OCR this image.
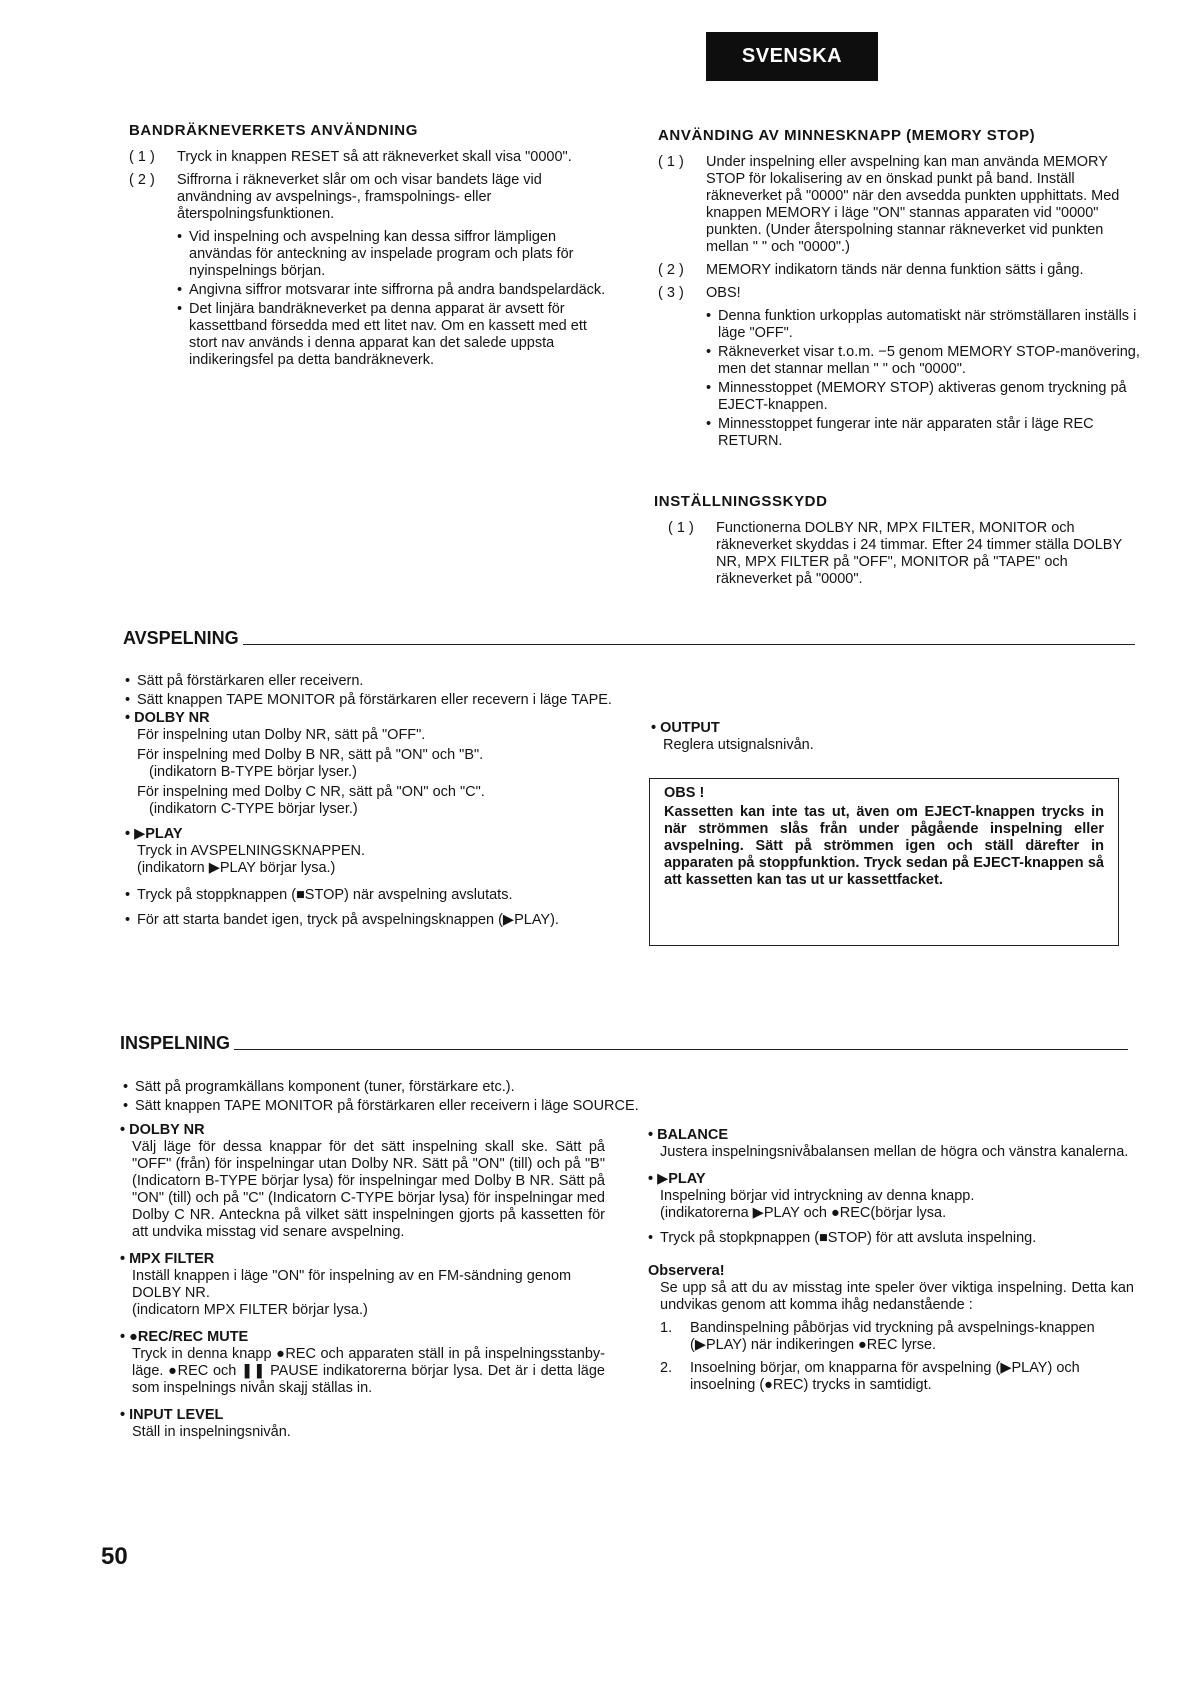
SVENSKA
BANDRÄKNEVERKETS ANVÄNDNING
( 1 )	Tryck in knappen RESET så att räkneverket skall visa "0000".
( 2 )	Siffrorna i räkneverket slår om och visar bandets läge vid användning av avspelnings-, framspolnings- eller återspolningsfunktionen.
• Vid inspelning och avspelning kan dessa siffror lämpligen användas för anteckning av inspelade program och plats för nyinspelnings början.
• Angivna siffror motsvarar inte siffrorna på andra bandspelardäck.
• Det linjära bandräkneverket pa denna apparat är avsett för kassettband försedda med ett litet nav. Om en kassett med ett stort nav används i denna apparat kan det salede uppsta indikeringsfel pa detta bandräkneverk.
ANVÄNDING AV MINNESKNAPP (MEMORY STOP)
( 1 )	Under inspelning eller avspelning kan man använda MEMORY STOP för lokalisering av en önskad punkt på band. Inställ räkneverket på "0000" när den avsedda punkten upphittats. Med knappen MEMORY i läge "ON" stannas apparaten vid "0000" punkten. (Under återspolning stannar räkneverket vid punkten mellan " " och "0000".)
( 2 )	MEMORY indikatorn tänds när denna funktion sätts i gång.
( 3 )	OBS!
• Denna funktion urkopplas automatiskt när strömställaren inställs i läge "OFF".
• Räkneverket visar t.o.m. −5 genom MEMORY STOP-manövering, men det stannar mellan " " och "0000".
• Minnesstoppet (MEMORY STOP) aktiveras genom tryckning på EJECT-knappen.
• Minnesstoppet fungerar inte när apparaten står i läge REC RETURN.
INSTÄLLNINGSSKYDD
( 1 )	Functionerna DOLBY NR, MPX FILTER, MONITOR och räkneverket skyddas i 24 timmar. Efter 24 timmer ställa DOLBY NR, MPX FILTER på "OFF", MONITOR på "TAPE" och räkneverket på "0000".
AVSPELNING
• Sätt på förstärkaren eller receivern.
• Sätt knappen TAPE MONITOR på förstärkaren eller recevern i läge TAPE.
• DOLBY NR
För inspelning utan Dolby NR, sätt på "OFF".
För inspelning med Dolby B NR, sätt på "ON" och "B".
(indikatorn B-TYPE börjar lyser.)
För inspelning med Dolby C NR, sätt på "ON" och "C".
(indikatorn C-TYPE börjar lyser.)
• ▶PLAY
Tryck in AVSPELNINGSKNAPPEN.
(indikatorn ▶PLAY börjar lysa.)
• Tryck på stoppknappen (■STOP) när avspelning avslutats.
• För att starta bandet igen, tryck på avspelningsknappen (▶PLAY).
• OUTPUT
Reglera utsignalsnivån.
OBS !
Kassetten kan inte tas ut, även om EJECT-knappen trycks in när strömmen slås från under pågående inspelning eller avspelning. Sätt på strömmen igen och ställ därefter in apparaten på stoppfunktion. Tryck sedan på EJECT-knappen så att kassetten kan tas ut ur kassettfacket.
INSPELNING
• Sätt på programkällans komponent (tuner, förstärkare etc.).
• Sätt knappen TAPE MONITOR på förstärkaren eller receivern i läge SOURCE.
• DOLBY NR
Välj läge för dessa knappar för det sätt inspelning skall ske. Sätt på "OFF" (från) för inspelningar utan Dolby NR. Sätt på "ON" (till) och på "B" (Indicatorn B-TYPE börjar lysa) för inspelningar med Dolby B NR. Sätt på "ON" (till) och på "C" (Indicatorn C-TYPE börjar lysa) för inspelningar med Dolby C NR. Anteckna på vilket sätt inspelningen gjorts på kassetten för att undvika misstag vid senare avspelning.
• MPX FILTER
Inställ knappen i läge "ON" för inspelning av en FM-sändning genom DOLBY NR.
(indicatorn MPX FILTER börjar lysa.)
• ●REC/REC MUTE
Tryck in denna knapp ●REC och apparaten ställ in på inspelningsstanby-läge. ●REC och ❚❚ PAUSE indikatorerna börjar lysa. Det är i detta läge som inspelnings nivån skajj ställas in.
• INPUT LEVEL
Ställ in inspelningsnivån.
• BALANCE
Justera inspelningsnivåbalansen mellan de högra och vänstra kanalerna.
• ▶PLAY
Inspelning börjar vid intryckning av denna knapp.
(indikatorerna ▶PLAY och ●REC(börjar lysa.
• Tryck på stopkpnappen (■STOP) för att avsluta inspelning.
Observera!
Se upp så att du av misstag inte speler över viktiga inspelning. Detta kan undvikas genom att komma ihåg nedanstående :
1.	Bandinspelning påbörjas vid tryckning på avspelnings-knappen (▶PLAY) när indikeringen ●REC lyrse.
2.	Insoelning börjar, om knapparna för avspelning (▶PLAY) och insoelning (●REC) trycks in samtidigt.
50
